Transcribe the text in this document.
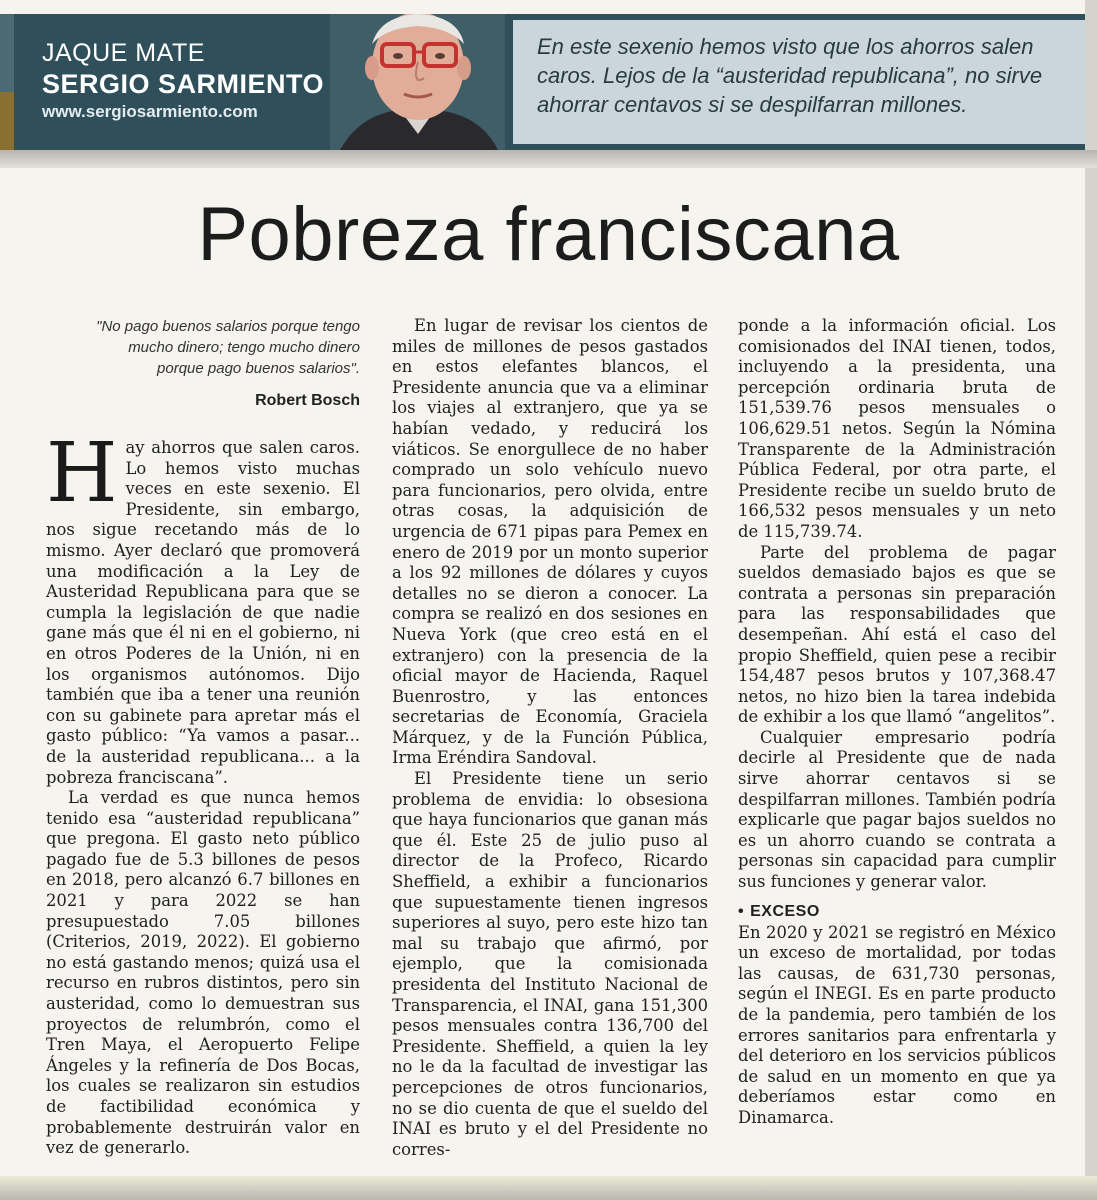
JAQUE MATE
SERGIO SARMIENTO
www.sergiosarmiento.com
En este sexenio hemos visto que los ahorros salen caros. Lejos de la “austeridad republicana”, no sirve ahorrar centavos si se despilfarran millones.
Pobreza franciscana
"No pago buenos salarios porque tengo mucho dinero; tengo mucho dinero porque pago buenos salarios".
Robert Bosch

Hay ahorros que salen caros. Lo hemos visto muchas veces en este sexenio. El Presidente, sin embargo, nos sigue recetando más de lo mismo. Ayer declaró que promoverá una modificación a la Ley de Austeridad Republicana para que se cumpla la legislación de que nadie gane más que él ni en el gobierno, ni en otros Poderes de la Unión, ni en los organismos autónomos. Dijo también que iba a tener una reunión con su gabinete para apretar más el gasto público: “Ya vamos a pasar... de la austeridad republicana... a la pobreza franciscana”.

La verdad es que nunca hemos tenido esa “austeridad republicana” que pregona. El gasto neto público pagado fue de 5.3 billones de pesos en 2018, pero alcanzó 6.7 billones en 2021 y para 2022 se han presupuestado 7.05 billones (Criterios, 2019, 2022). El gobierno no está gastando menos; quizá usa el recurso en rubros distintos, pero sin austeridad, como lo demuestran sus proyectos de relumbrón, como el Tren Maya, el Aeropuerto Felipe Ángeles y la refinería de Dos Bocas, los cuales se realizaron sin estudios de factibilidad económica y probablemente destruirán valor en vez de generarlo.

En lugar de revisar los cientos de miles de millones de pesos gastados en estos elefantes blancos, el Presidente anuncia que va a eliminar los viajes al extranjero, que ya se habían vedado, y reducirá los viáticos. Se enorgullece de no haber comprado un solo vehículo nuevo para funcionarios, pero olvida, entre otras cosas, la adquisición de urgencia de 671 pipas para Pemex en enero de 2019 por un monto superior a los 92 millones de dólares y cuyos detalles no se dieron a conocer. La compra se realizó en dos sesiones en Nueva York (que creo está en el extranjero) con la presencia de la oficial mayor de Hacienda, Raquel Buenrostro, y las entonces secretarias de Economía, Graciela Márquez, y de la Función Pública, Irma Eréndira Sandoval.

El Presidente tiene un serio problema de envidia: lo obsesiona que haya funcionarios que ganan más que él. Este 25 de julio puso al director de la Profeco, Ricardo Sheffield, a exhibir a funcionarios que supuestamente tienen ingresos superiores al suyo, pero este hizo tan mal su trabajo que afirmó, por ejemplo, que la comisionada presidenta del Instituto Nacional de Transparencia, el INAI, gana 151,300 pesos mensuales contra 136,700 del Presidente. Sheffield, a quien la ley no le da la facultad de investigar las percepciones de otros funcionarios, no se dio cuenta de que el sueldo del INAI es bruto y el del Presidente no corres-

ponde a la información oficial. Los comisionados del INAI tienen, todos, incluyendo a la presidenta, una percepción ordinaria bruta de 151,539.76 pesos mensuales o 106,629.51 netos. Según la Nómina Transparente de la Administración Pública Federal, por otra parte, el Presidente recibe un sueldo bruto de 166,532 pesos mensuales y un neto de 115,739.74.

Parte del problema de pagar sueldos demasiado bajos es que se contrata a personas sin preparación para las responsabilidades que desempeñan. Ahí está el caso del propio Sheffield, quien pese a recibir 154,487 pesos brutos y 107,368.47 netos, no hizo bien la tarea indebida de exhibir a los que llamó “angelitos”.

Cualquier empresario podría decirle al Presidente que de nada sirve ahorrar centavos si se despilfarran millones. También podría explicarle que pagar bajos sueldos no es un ahorro cuando se contrata a personas sin capacidad para cumplir sus funciones y generar valor.

• EXCESO

En 2020 y 2021 se registró en México un exceso de mortalidad, por todas las causas, de 631,730 personas, según el INEGI. Es en parte producto de la pandemia, pero también de los errores sanitarios para enfrentarla y del deterioro en los servicios públicos de salud en un momento en que ya deberíamos estar como en Dinamarca.
